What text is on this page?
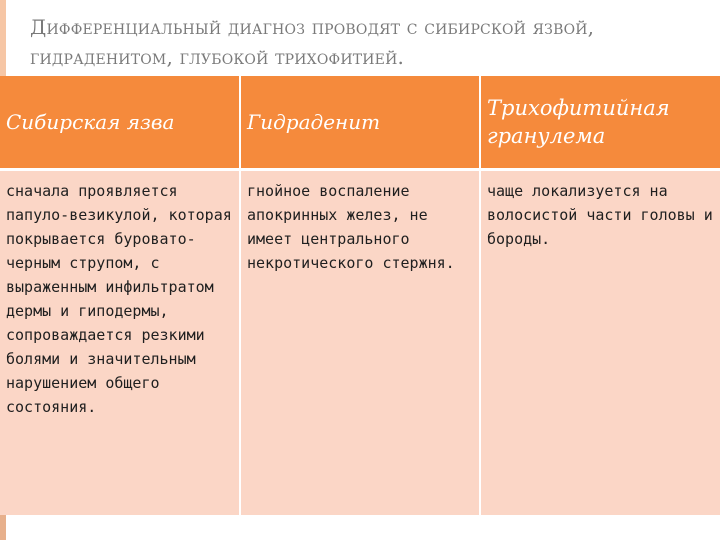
Дифференциальный диагноз проводят с сибирской язвой, гидраденитом, глубокой трихофитией.
Сибирская язва	Гидраденит	Трихофитийная гранулема
сначала проявляется папуло-везикулой, которая покрывается буровато-черным струпом, с выраженным инфильтратом дермы и гиподермы, сопроваждается резкими болями и значительным нарушением общего состояния.	гнойное воспаление апокринных желез, не имеет центрального некротического стержня.	чаще локализуется на волосистой части головы и бороды.
